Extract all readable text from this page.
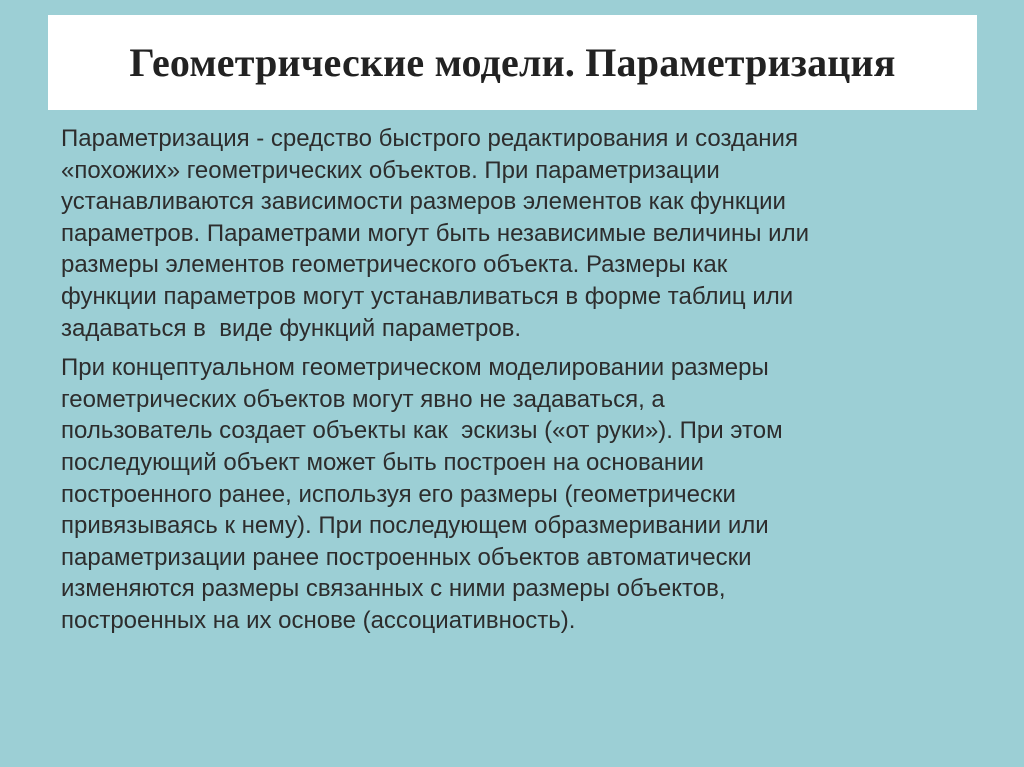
Геометрические модели. Параметризация

Параметризация - средство быстрого редактирования и создания
«похожих» геометрических объектов. При параметризации
устанавливаются зависимости размеров элементов как функции
параметров. Параметрами могут быть независимые величины или
размеры элементов геометрического объекта. Размеры как
функции параметров могут устанавливаться в форме таблиц или
задаваться в  виде функций параметров.

При концептуальном геометрическом моделировании размеры
геометрических объектов могут явно не задаваться, а
пользователь создает объекты как  эскизы («от руки»). При этом
последующий объект может быть построен на основании
построенного ранее, используя его размеры (геометрически
привязываясь к нему). При последующем образмеривании или
параметризации ранее построенных объектов автоматически
изменяются размеры связанных с ними размеры объектов,
построенных на их основе (ассоциативность).
